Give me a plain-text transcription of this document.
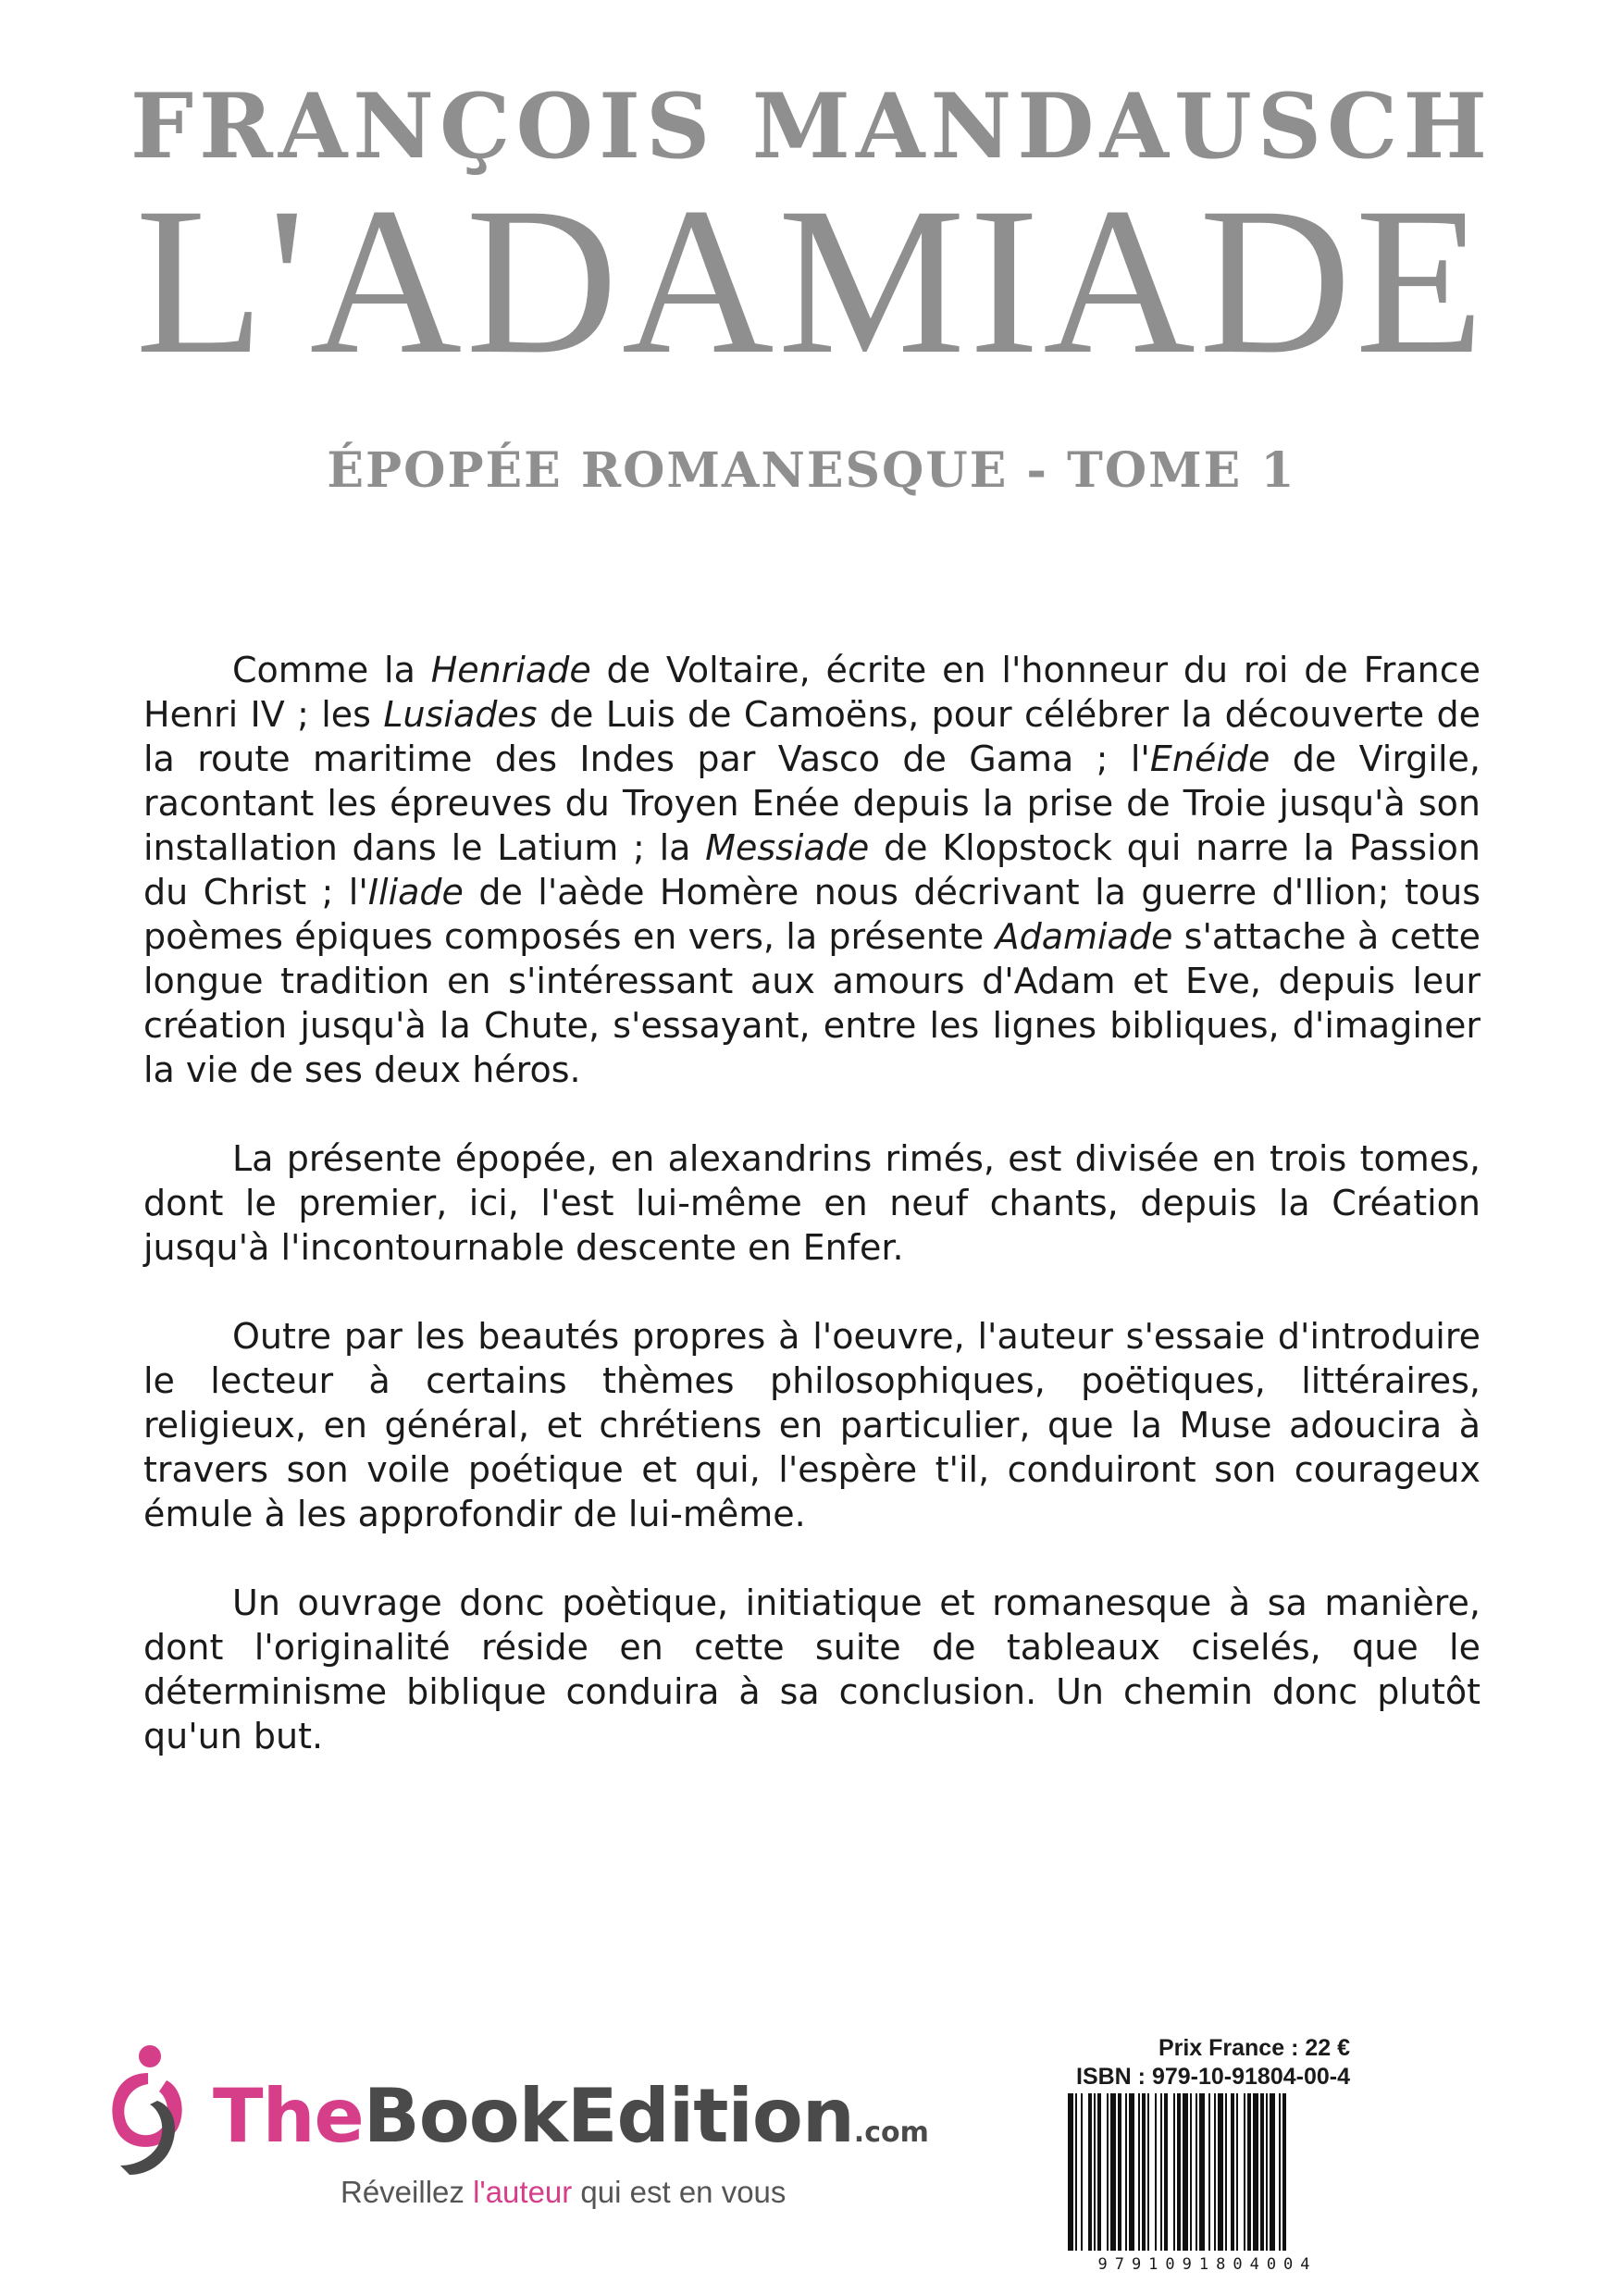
FRANÇOIS MANDAUSCH
L'ADAMIADE
ÉPOPÉE ROMANESQUE - TOME 1

Comme la Henriade de Voltaire, écrite en l'honneur du roi de France Henri IV ; les Lusiades de Luis de Camoëns, pour célébrer la découverte de la route maritime des Indes par Vasco de Gama ; l'Enéide de Virgile, racontant les épreuves du Troyen Enée depuis la prise de Troie jusqu'à son installation dans le Latium ; la Messiade de Klopstock qui narre la Passion du Christ ; l'Iliade de l'aède Homère nous décrivant la guerre d'Ilion; tous poèmes épiques composés en vers, la présente Adamiade s'attache à cette longue tradition en s'intéressant aux amours d'Adam et Eve, depuis leur création jusqu'à la Chute, s'essayant, entre les lignes bibliques, d'imaginer la vie de ses deux héros.

La présente épopée, en alexandrins rimés, est divisée en trois tomes, dont le premier, ici, l'est lui-même en neuf chants, depuis la Création jusqu'à l'incontournable descente en Enfer.

Outre par les beautés propres à l'oeuvre, l'auteur s'essaie d'introduire le lecteur à certains thèmes philosophiques, poëtiques, littéraires, religieux, en général, et chrétiens en particulier, que la Muse adoucira à travers son voile poétique et qui, l'espère t'il, conduiront son courageux émule à les approfondir de lui-même.

Un ouvrage donc poètique, initiatique et romanesque à sa manière, dont l'originalité réside en cette suite de tableaux ciselés, que le déterminisme biblique conduira à sa conclusion. Un chemin donc plutôt qu'un but.

TheBookEdition.com
Réveillez l'auteur qui est en vous
Prix France : 22 €
ISBN : 979-10-91804-00-4
9791091804004
